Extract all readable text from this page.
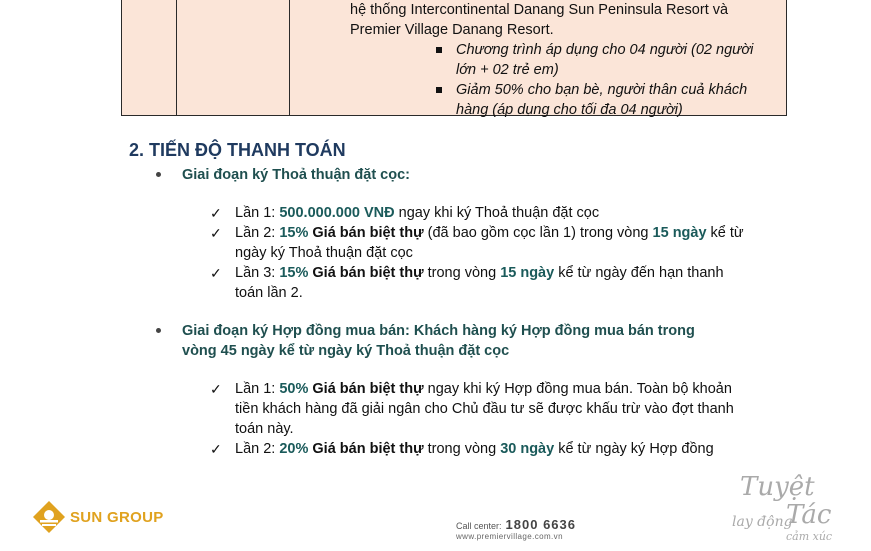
hệ thống Intercontinental Danang Sun Peninsula Resort và
Premier Village Danang Resort.
Chương trình áp dụng cho 04 người (02 người
lớn + 02 trẻ em)
Giảm 50% cho bạn bè, người thân cuả khách
hàng (áp dụng cho tối đa 04 người)
2. TIẾN ĐỘ THANH TOÁN
Giai đoạn ký Thoả thuận đặt cọc:

✓ Lần 1: 500.000.000 VNĐ ngay khi ký Thoả thuận đặt cọc

✓ Lần 2: 15% Giá bán biệt thự (đã bao gồm cọc lần 1) trong vòng 15 ngày kể từ ngày ký Thoả thuận đặt cọc

✓ Lần 3: 15% Giá bán biệt thự trong vòng 15 ngày kể từ ngày đến hạn thanh toán lần 2.

Giai đoạn ký Hợp đồng mua bán: Khách hàng ký Hợp đồng mua bán trong
vòng 45 ngày kể từ ngày ký Thoả thuận đặt cọc

✓ Lần 1: 50% Giá bán biệt thự ngay khi ký Hợp đồng mua bán. Toàn bộ khoản tiền khách hàng đã giải ngân cho Chủ đầu tư sẽ được khấu trừ vào đợt thanh toán này.

✓ Lần 2: 20% Giá bán biệt thự trong vòng 30 ngày kể từ ngày ký Hợp đồng

SUN GROUP
Call center: 1800 6636
www.premiervillage.com.vn
Tuyệt
lay động
Tác
cảm xúc
